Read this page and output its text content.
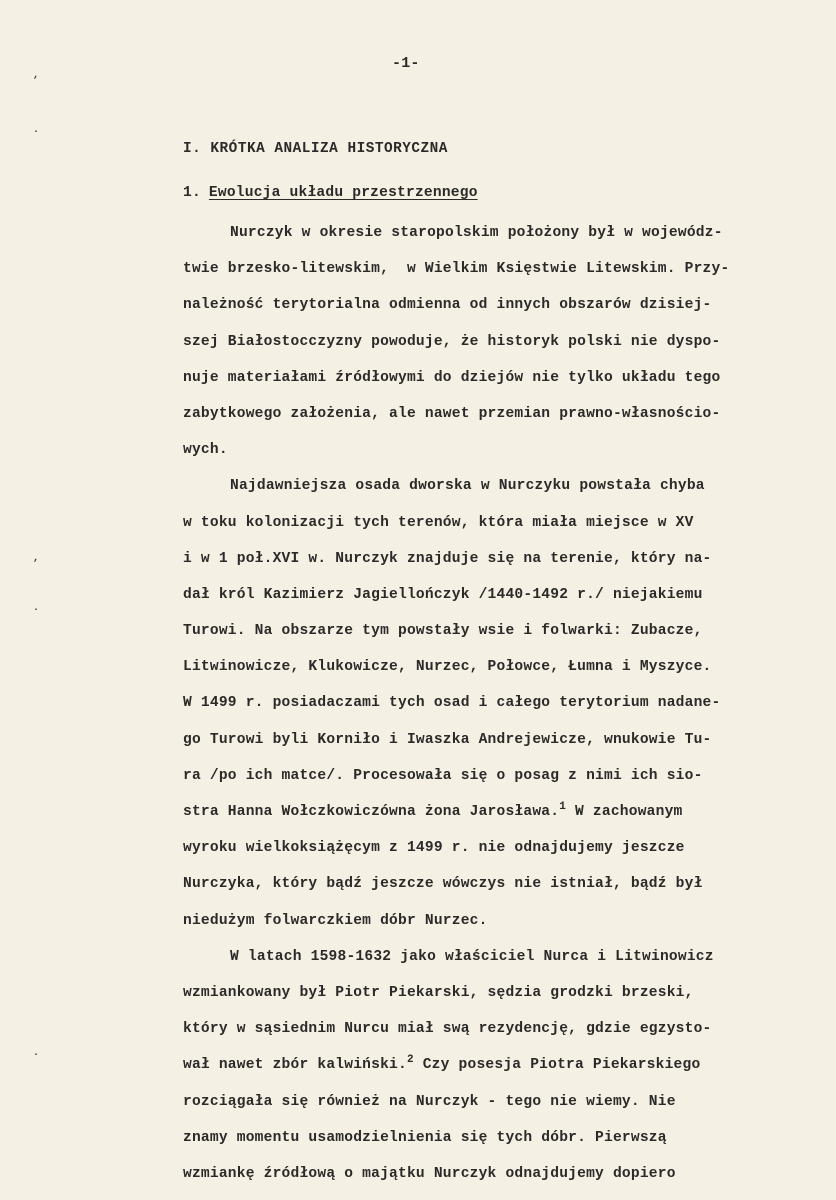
-1-
I. KRÓTKA ANALIZA HISTORYCZNA
1. Ewolucja układu przestrzennego
Nurczyk w okresie staropolskim położony był w wojewódz-
twie brzesko-litewskim,  w Wielkim Księstwie Litewskim. Przy-
należność terytorialna odmienna od innych obszarów dzisiej-
szej Białostocczyzny powoduje, że historyk polski nie dyspo-
nuje materiałami źródłowymi do dziejów nie tylko układu tego
zabytkowego założenia, ale nawet przemian prawno-własnościo-
wych.
Najdawniejsza osada dworska w Nurczyku powstała chyba
w toku kolonizacji tych terenów, która miała miejsce w XV
i w 1 poł.XVI w. Nurczyk znajduje się na terenie, który na-
dał król Kazimierz Jagiellończyk /1440-1492 r./ niejakiemu
Turowi. Na obszarze tym powstały wsie i folwarki: Zubacze,
Litwinowicze, Klukowicze, Nurzec, Połowce, Łumna i Myszyce.
W 1499 r. posiadaczami tych osad i całego terytorium nadane-
go Turowi byli Korniło i Iwaszka Andrejewicze, wnukowie Tu-
ra /po ich matce/. Procesowała się o posag z nimi ich sio-
stra Hanna Wołczkowiczówna żona Jarosława.$^1$ W zachowanym
wyroku wielkoksiążęcym z 1499 r. nie odnajdujemy jeszcze
Nurczyka, który bądź jeszcze wówczys nie istniał, bądź był
niedużym folwarczkiem dóbr Nurzec.
W latach 1598-1632 jako właściciel Nurca i Litwinowicz
wzmiankowany był Piotr Piekarski, sędzia grodzki brzeski,
który w sąsiednim Nurcu miał swą rezydencję, gdzie egzysto-
wał nawet zbór kalwiński.$^2$ Czy posesja Piotra Piekarskiego
rozciągała się również na Nurczyk - tego nie wiemy. Nie
znamy momentu usamodzielnienia się tych dóbr. Pierwszą
wzmiankę źródłową o majątku Nurczyk odnajdujemy dopiero
,
.
,
.
.
